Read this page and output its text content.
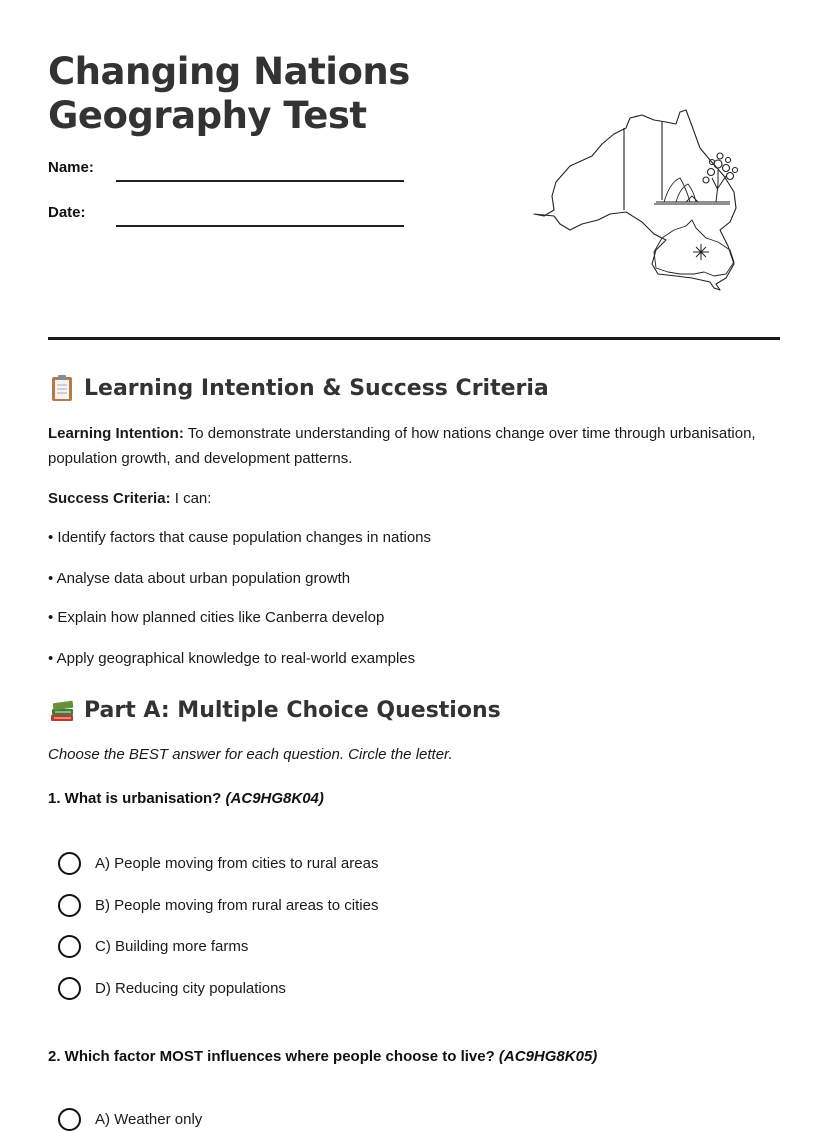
Changing Nations
Geography Test
Name:
Date:
Learning Intention & Success Criteria
Learning Intention: To demonstrate understanding of how nations change over time through urbanisation, population growth, and development patterns.
Success Criteria: I can:
• Identify factors that cause population changes in nations
• Analyse data about urban population growth
• Explain how planned cities like Canberra develop
• Apply geographical knowledge to real-world examples
Part A: Multiple Choice Questions
Choose the BEST answer for each question. Circle the letter.
1. What is urbanisation? (AC9HG8K04)
A) People moving from cities to rural areas
B) People moving from rural areas to cities
C) Building more farms
D) Reducing city populations
2. Which factor MOST influences where people choose to live? (AC9HG8K05)
A) Weather only
